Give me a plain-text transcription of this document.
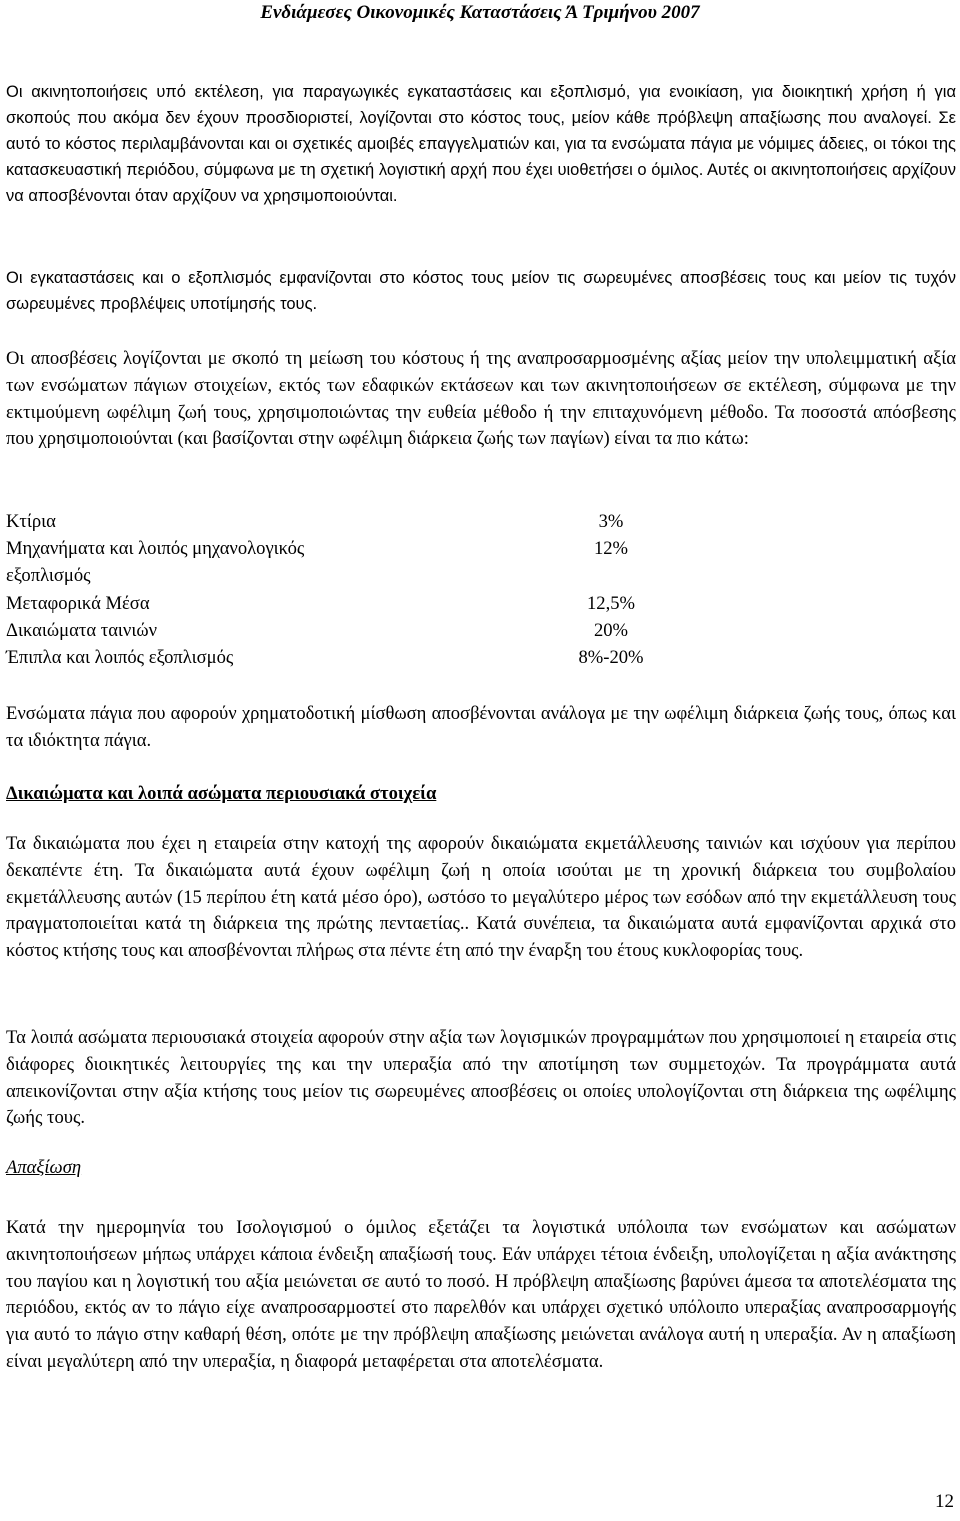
Ενδιάμεσες Οικονομικές Καταστάσεις Ά Τριμήνου 2007

Οι ακινητοποιήσεις υπό εκτέλεση, για παραγωγικές εγκαταστάσεις και εξοπλισμό, για ενοικίαση, για διοικητική χρήση ή για σκοπούς που ακόμα δεν έχουν προσδιοριστεί, λογίζονται στο κόστος τους, μείον κάθε πρόβλεψη απαξίωσης που αναλογεί. Σε αυτό το κόστος περιλαμβάνονται και οι σχετικές αμοιβές επαγγελματιών και, για τα ενσώματα πάγια με νόμιμες άδειες, οι τόκοι της κατασκευαστική περιόδου, σύμφωνα με τη σχετική λογιστική αρχή που έχει υιοθετήσει ο όμιλος. Αυτές οι ακινητοποιήσεις αρχίζουν να αποσβένονται όταν αρχίζουν να χρησιμοποιούνται.

Οι εγκαταστάσεις και ο εξοπλισμός εμφανίζονται στο κόστος τους μείον τις σωρευμένες αποσβέσεις τους και μείον τις τυχόν σωρευμένες προβλέψεις υποτίμησής τους.

Οι αποσβέσεις λογίζονται με σκοπό τη μείωση του κόστους ή της αναπροσαρμοσμένης αξίας μείον την υπολειμματική αξία των ενσώματων πάγιων στοιχείων, εκτός των εδαφικών εκτάσεων και των ακινητοποιήσεων σε εκτέλεση, σύμφωνα με την εκτιμούμενη ωφέλιμη ζωή τους, χρησιμοποιώντας την ευθεία μέθοδο ή την επιταχυνόμενη μέθοδο. Τα ποσοστά απόσβεσης που χρησιμοποιούνται (και βασίζονται στην ωφέλιμη διάρκεια ζωής των παγίων) είναι τα πιο κάτω:

Κτίρια	3%
Μηχανήματα και λοιπός μηχανολογικός	12%
εξοπλισμός
Μεταφορικά Μέσα	12,5%
Δικαιώματα ταινιών	20%
Έπιπλα και λοιπός εξοπλισμός	8%-20%

Ενσώματα πάγια που αφορούν χρηματοδοτική μίσθωση αποσβένονται ανάλογα με την ωφέλιμη διάρκεια ζωής τους, όπως και τα ιδιόκτητα πάγια.

Δικαιώματα και λοιπά ασώματα περιουσιακά στοιχεία

Τα δικαιώματα που έχει η εταιρεία στην κατοχή της αφορούν δικαιώματα εκμετάλλευσης ταινιών και ισχύουν για περίπου δεκαπέντε έτη. Τα δικαιώματα αυτά έχουν ωφέλιμη ζωή η οποία ισούται με τη χρονική διάρκεια του συμβολαίου εκμετάλλευσης αυτών (15 περίπου έτη κατά μέσο όρο), ωστόσο το μεγαλύτερο μέρος των εσόδων από την εκμετάλλευση τους πραγματοποιείται κατά τη διάρκεια της πρώτης πενταετίας.. Κατά συνέπεια, τα δικαιώματα αυτά εμφανίζονται αρχικά στο κόστος κτήσης τους και αποσβένονται πλήρως στα πέντε έτη από την έναρξη του έτους κυκλοφορίας τους.

Τα λοιπά ασώματα περιουσιακά στοιχεία αφορούν στην αξία των λογισμικών προγραμμάτων που χρησιμοποιεί η εταιρεία στις διάφορες διοικητικές λειτουργίες της και την υπεραξία από την αποτίμηση των συμμετοχών. Τα προγράμματα αυτά απεικονίζονται στην αξία κτήσης τους μείον τις σωρευμένες αποσβέσεις οι οποίες υπολογίζονται στη διάρκεια της ωφέλιμης ζωής τους.

Απαξίωση

Κατά την ημερομηνία του Ισολογισμού ο όμιλος εξετάζει τα λογιστικά υπόλοιπα των ενσώματων και ασώματων ακινητοποιήσεων μήπως υπάρχει κάποια ένδειξη απαξίωσή τους. Εάν υπάρχει τέτοια ένδειξη, υπολογίζεται η αξία ανάκτησης του παγίου και η λογιστική του αξία μειώνεται σε αυτό το ποσό. Η πρόβλεψη απαξίωσης βαρύνει άμεσα τα αποτελέσματα της περιόδου, εκτός αν το πάγιο είχε αναπροσαρμοστεί στο παρελθόν και υπάρχει σχετικό υπόλοιπο υπεραξίας αναπροσαρμογής για αυτό το πάγιο στην καθαρή θέση, οπότε με την πρόβλεψη απαξίωσης μειώνεται ανάλογα αυτή η υπεραξία. Αν η απαξίωση είναι μεγαλύτερη από την υπεραξία, η διαφορά μεταφέρεται στα αποτελέσματα.

12
